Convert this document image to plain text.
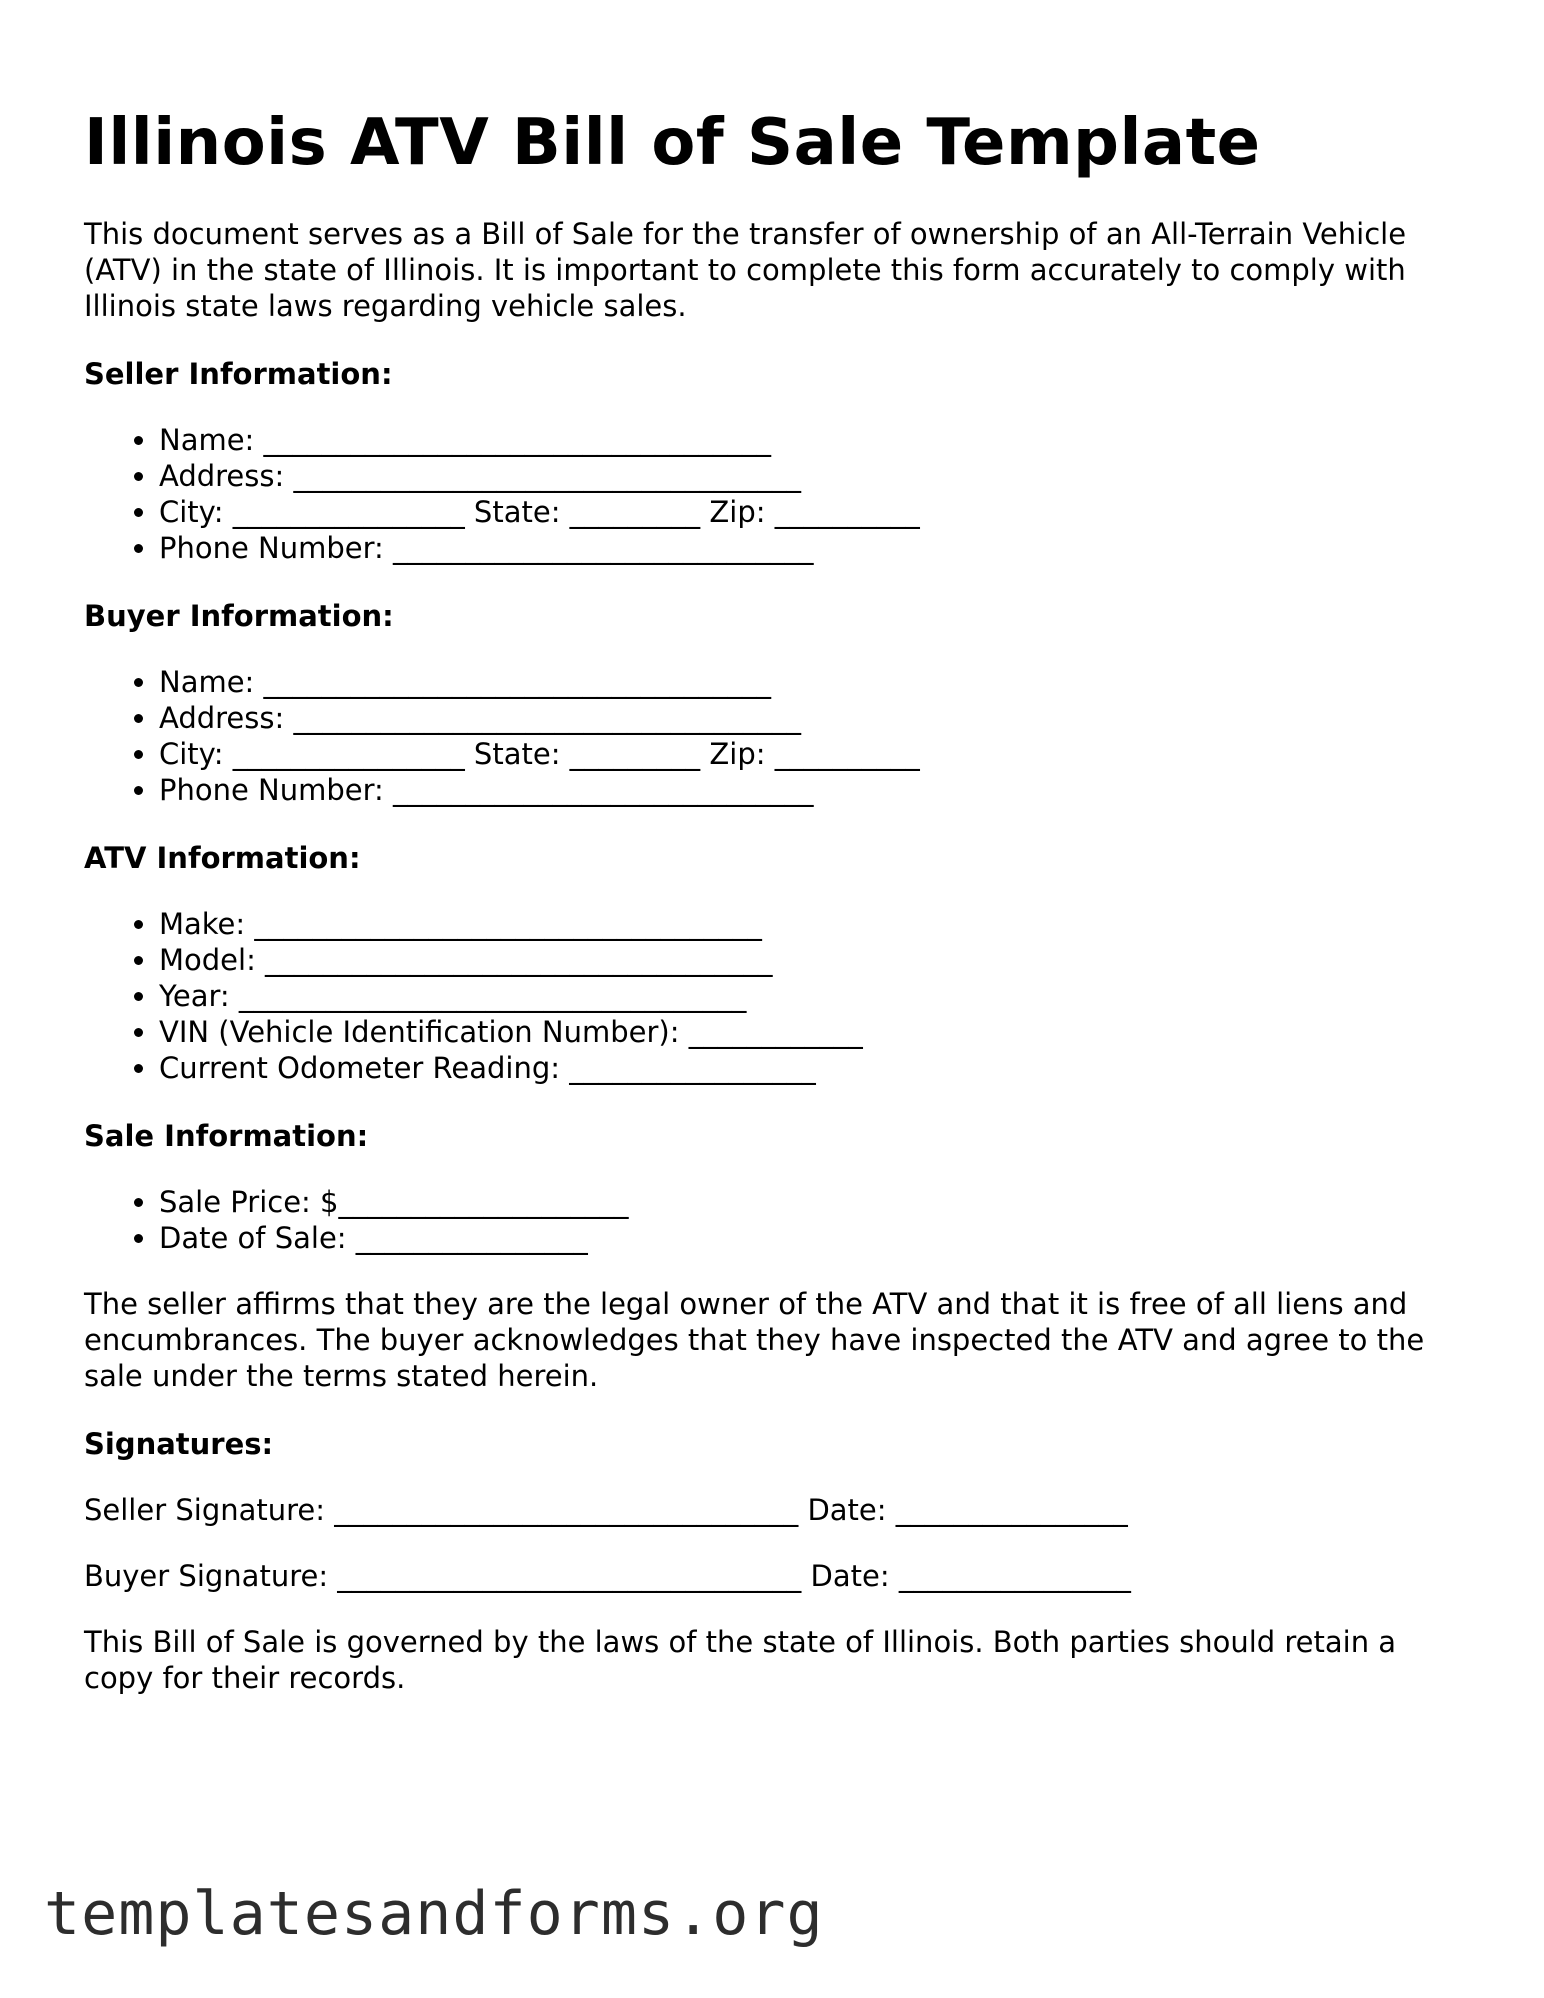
Illinois ATV Bill of Sale Template

This document serves as a Bill of Sale for the transfer of ownership of an All-Terrain Vehicle (ATV) in the state of Illinois. It is important to complete this form accurately to comply with Illinois state laws regarding vehicle sales.

Seller Information:
• Name: ___________________________________
• Address: ___________________________________
• City: ________________ State: _________ Zip: __________
• Phone Number: _____________________________
Buyer Information:
• Name: ___________________________________
• Address: ___________________________________
• City: ________________ State: _________ Zip: __________
• Phone Number: _____________________________
ATV Information:
• Make: ___________________________________
• Model: ___________________________________
• Year: ___________________________________
• VIN (Vehicle Identification Number): ____________
• Current Odometer Reading: _________________
Sale Information:
• Sale Price: $____________________
• Date of Sale: ________________

The seller affirms that they are the legal owner of the ATV and that it is free of all liens and encumbrances. The buyer acknowledges that they have inspected the ATV and agree to the sale under the terms stated herein.

Signatures:

Seller Signature: ________________________________ Date: ________________

Buyer Signature: ________________________________ Date: ________________

This Bill of Sale is governed by the laws of the state of Illinois. Both parties should retain a copy for their records.

templatesandforms.org
